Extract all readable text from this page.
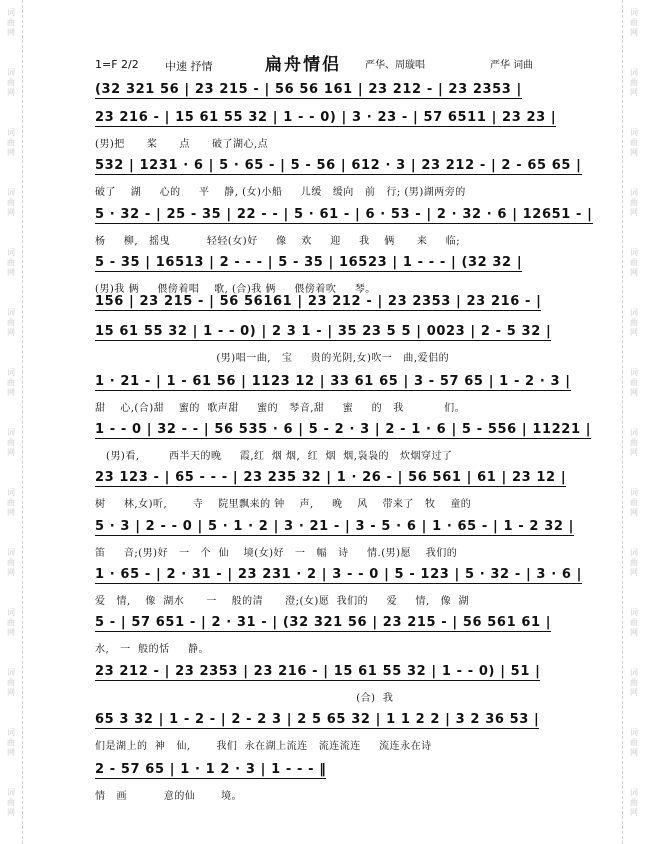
词
曲
网
词
曲
网
词
曲
网
词
曲
网
词
曲
网
词
曲
网
词
曲
网
词
曲
网
词
曲
网
词
曲
网
词
曲
网
词
曲
网
词
曲
网
词
曲
网
词
曲
网
词
曲
网
词
曲
网
词
曲
网
词
曲
网
词
曲
网
词
曲
网
词
曲
网
词
曲
网
词
曲
网
词
曲
网
词
曲
网
词
曲
网
词
曲
网
1=F 2/2 中速 抒情	扁舟情侣 严华、周璇唱	严华 词曲
(32 321 56 | 23 215 - | 56 56 161 | 23 212 - | 23 2353 |
23 216 - | 15 61 55 32 | 1 - - 0) | 3 · 23 - | 57 6511 | 23 23 |
(男)把      桨      点      破了湖心,点
532 | 1231 · 6 | 5 · 65 - | 5 - 56 | 612 · 3 | 23 212 - | 2 - 65 65 |
破了    湖     心的     平    静, (女)小船     儿缓   缓向   前   行; (男)湖两旁的
5 · 32 - | 25 - 35 | 22 - - | 5 · 61 - | 6 · 53 - | 2 · 32 · 6 | 12651 - |
杨     柳,   摇曳          轻轻(女)好     像    欢     迎     我    俩      来     临;
5 - 35 | 16513 | 2 - - - | 5 - 35 | 16523 | 1 - - - | (32 32 |
(男)我 俩     偎傍着唱    歌, (合)我 俩     偎傍着吹     琴。
156 | 23 215 - | 56 56161 | 23 212 - | 23 2353 | 23 216 - |
15 61 55 32 | 1 - - 0) | 2 3 1 - | 35 23 5 5 | 0023 | 2 - 5 32 |
(男)唱一曲,   宝     贵的光阴,女)吹一   曲,爱侣的
1 · 21 - | 1 - 61 56 | 1123 12 | 33 61 65 | 3 - 57 65 | 1 - 2 · 3 |
甜    心,(合)甜    蜜的  歌声甜     蜜的   琴音,甜     蜜     的   我           们。
1 - - 0 | 32 - - | 56 535 · 6 | 5 - 2 · 3 | 2 - 1 · 6 | 5 - 556 | 11221 |
(男)看,        西半天的晚     霞,红  烟 烟,  红  烟  烟,袅袅的   炊烟穿过了
23 123 - | 65 - - - | 23 235 32 | 1 · 26 - | 56 561 | 61 | 23 12 |
树     林,女)听,       寺    院里飘来的 钟    声,     晚    风    带来了   牧    童的
5 · 3 | 2 - - 0 | 5 · 1 · 2 | 3 · 21 - | 3 - 5 · 6 | 1 · 65 - | 1 - 2 32 |
笛     音;(男)好   一   个  仙    境(女)好   一   幅   诗     情.(男)愿    我们的
1 · 65 - | 2 · 31 - | 23 231 · 2 | 3 - - 0 | 5 - 123 | 5 · 32 - | 3 · 6 |
爱   情,    像  湖水      一    般的清      澄;(女)愿  我们的     爱     情,   像  湖
5 - | 57 651 - | 2 · 31 - | (32 321 56 | 23 215 - | 56 561 61 |
水,   一  般的恬     静。
23 212 - | 23 2353 | 23 216 - | 15 61 55 32 | 1 - - 0) | 51 |
(合)  我
65 3 32 | 1 - 2 - | 2 - 2 3 | 2 5 65 32 | 1 1 2 2 | 3 2 36 53 |
们是湖上的  神   仙,       我们  永在湖上流连   流连流连     流连永在诗
2 - 57 65 | 1 · 1 2 · 3 | 1 - - - ‖
情   画          意的仙       境。
